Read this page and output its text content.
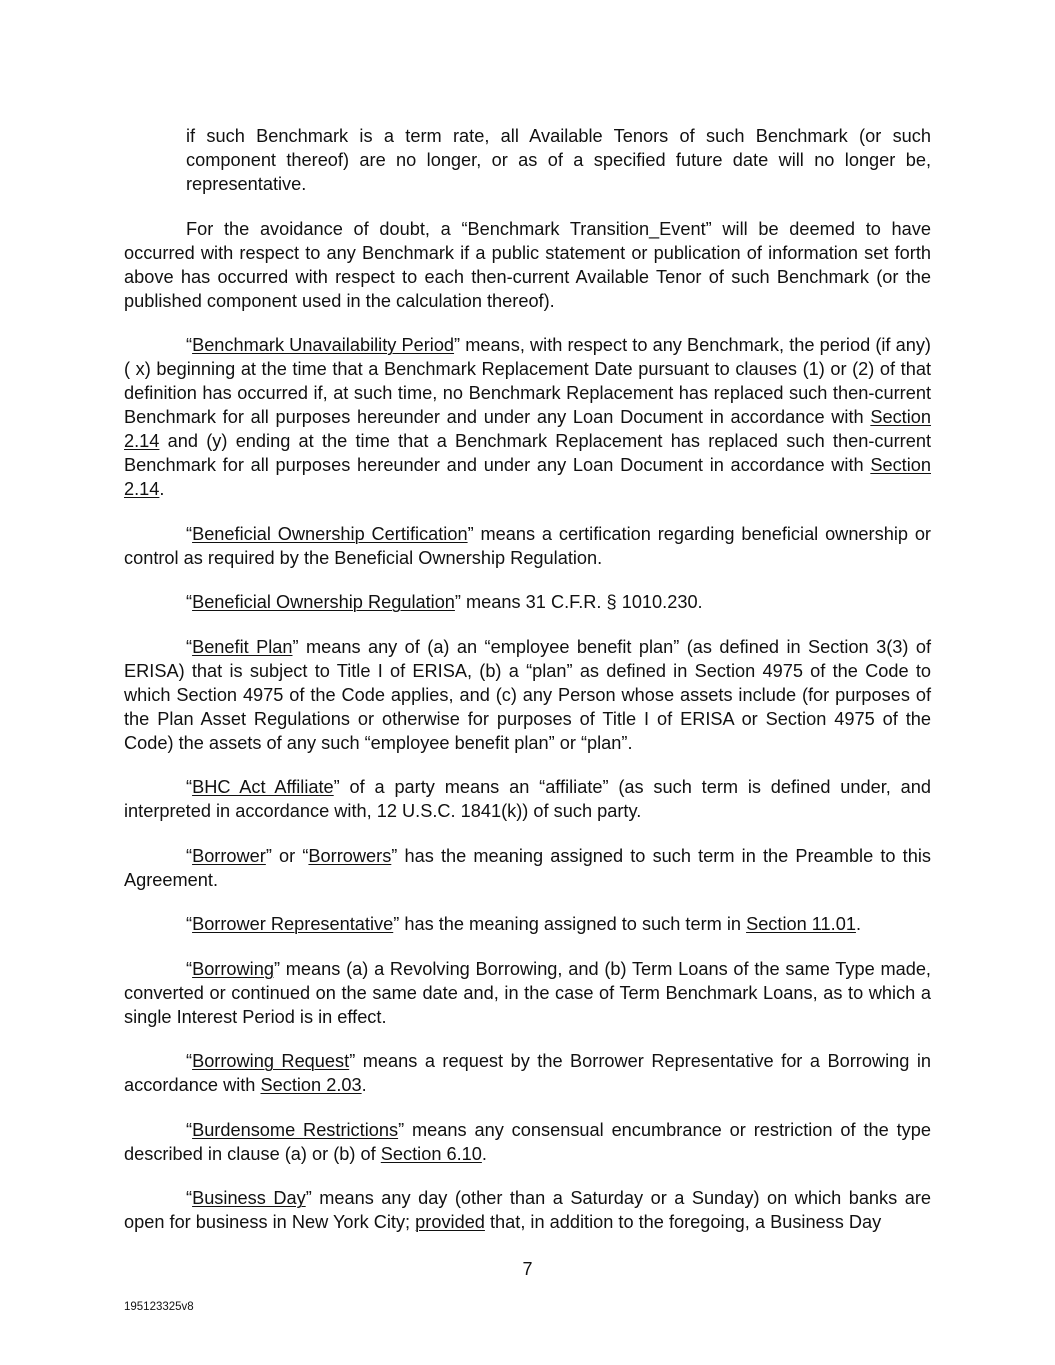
if such Benchmark is a term rate, all Available Tenors of such Benchmark (or such component thereof) are no longer, or as of a specified future date will no longer be, representative.

For the avoidance of doubt, a “Benchmark Transition_Event” will be deemed to have occurred with respect to any Benchmark if a public statement or publication of information set forth above has occurred with respect to each then-current Available Tenor of such Benchmark (or the published component used in the calculation thereof).

“Benchmark Unavailability Period” means, with respect to any Benchmark, the period (if any) ( x) beginning at the time that a Benchmark Replacement Date pursuant to clauses (1) or (2) of that definition has occurred if, at such time, no Benchmark Replacement has replaced such then-current Benchmark for all purposes hereunder and under any Loan Document in accordance with Section 2.14 and (y) ending at the time that a Benchmark Replacement has replaced such then-current Benchmark for all purposes hereunder and under any Loan Document in accordance with Section 2.14.

“Beneficial Ownership Certification” means a certification regarding beneficial ownership or control as required by the Beneficial Ownership Regulation.

“Beneficial Ownership Regulation” means 31 C.F.R. § 1010.230.

“Benefit Plan” means any of (a) an “employee benefit plan” (as defined in Section 3(3) of ERISA) that is subject to Title I of ERISA, (b) a “plan” as defined in Section 4975 of the Code to which Section 4975 of the Code applies, and (c) any Person whose assets include (for purposes of the Plan Asset Regulations or otherwise for purposes of Title I of ERISA or Section 4975 of the Code) the assets of any such “employee benefit plan” or “plan”.

“BHC Act Affiliate” of a party means an “affiliate” (as such term is defined under, and interpreted in accordance with, 12 U.S.C. 1841(k)) of such party.

“Borrower” or “Borrowers” has the meaning assigned to such term in the Preamble to this Agreement.

“Borrower Representative” has the meaning assigned to such term in Section 11.01.

“Borrowing” means (a) a Revolving Borrowing, and (b) Term Loans of the same Type made, converted or continued on the same date and, in the case of Term Benchmark Loans, as to which a single Interest Period is in effect.

“Borrowing Request” means a request by the Borrower Representative for a Borrowing in accordance with Section 2.03.

“Burdensome Restrictions” means any consensual encumbrance or restriction of the type described in clause (a) or (b) of Section 6.10.

“Business Day” means any day (other than a Saturday or a Sunday) on which banks are open for business in New York City; provided that, in addition to the foregoing, a Business Day

7
195123325v8
